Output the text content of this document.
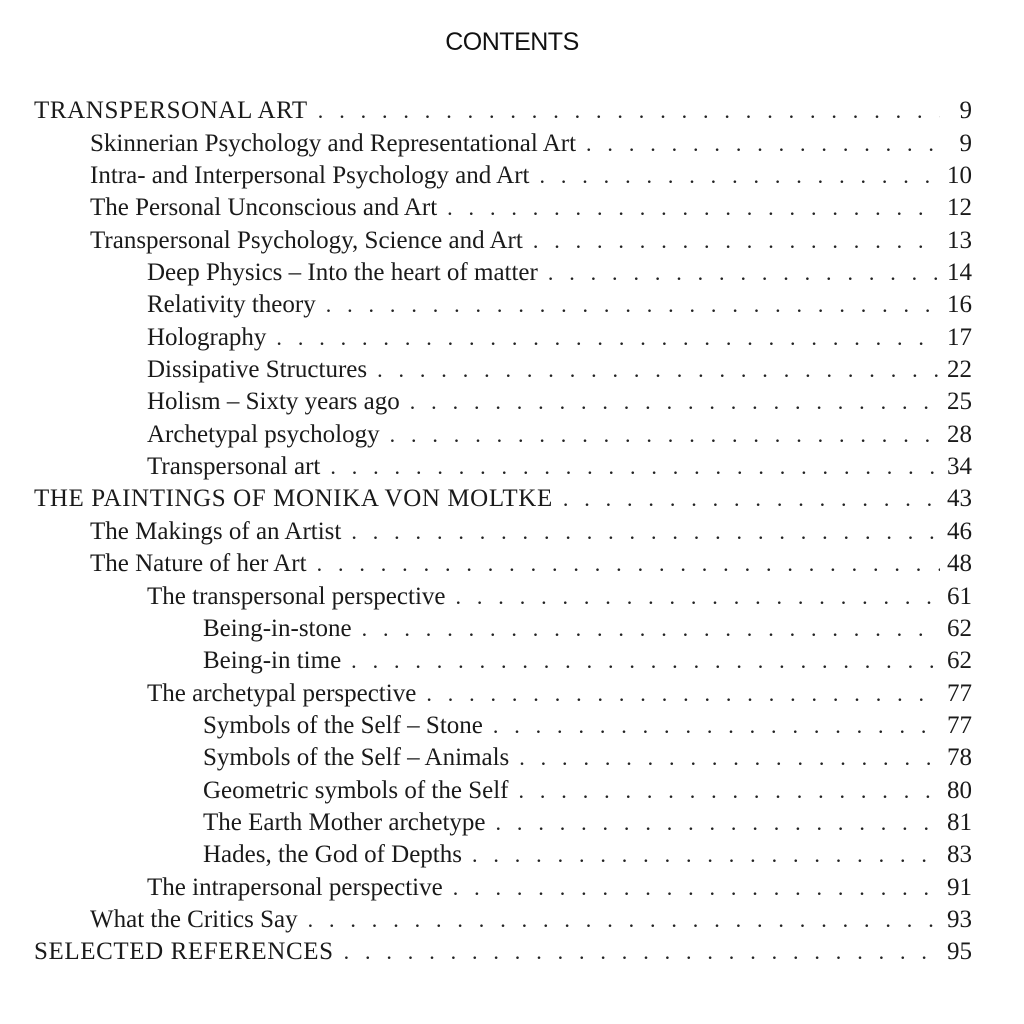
CONTENTS
TRANSPERSONAL ART . . .	9
Skinnerian Psychology and Representational Art . . .	9
Intra- and Interpersonal Psychology and Art . . .	10
The Personal Unconscious and Art . . .	12
Transpersonal Psychology, Science and Art . . .	13
Deep Physics – Into the heart of matter . . .	14
Relativity theory . . .	16
Holography . . .	17
Dissipative Structures . . .	22
Holism – Sixty years ago . . .	25
Archetypal psychology . . .	28
Transpersonal art . . .	34
THE PAINTINGS OF MONIKA VON MOLTKE . . .	43
The Makings of an Artist . . .	46
The Nature of her Art . . .	48
The transpersonal perspective . . .	61
Being-in-stone . . .	62
Being-in time . . .	62
The archetypal perspective . . .	77
Symbols of the Self – Stone . . .	77
Symbols of the Self – Animals . . .	78
Geometric symbols of the Self . . .	80
The Earth Mother archetype . . .	81
Hades, the God of Depths . . .	83
The intrapersonal perspective . . .	91
What the Critics Say . . .	93
SELECTED REFERENCES . . .	95
